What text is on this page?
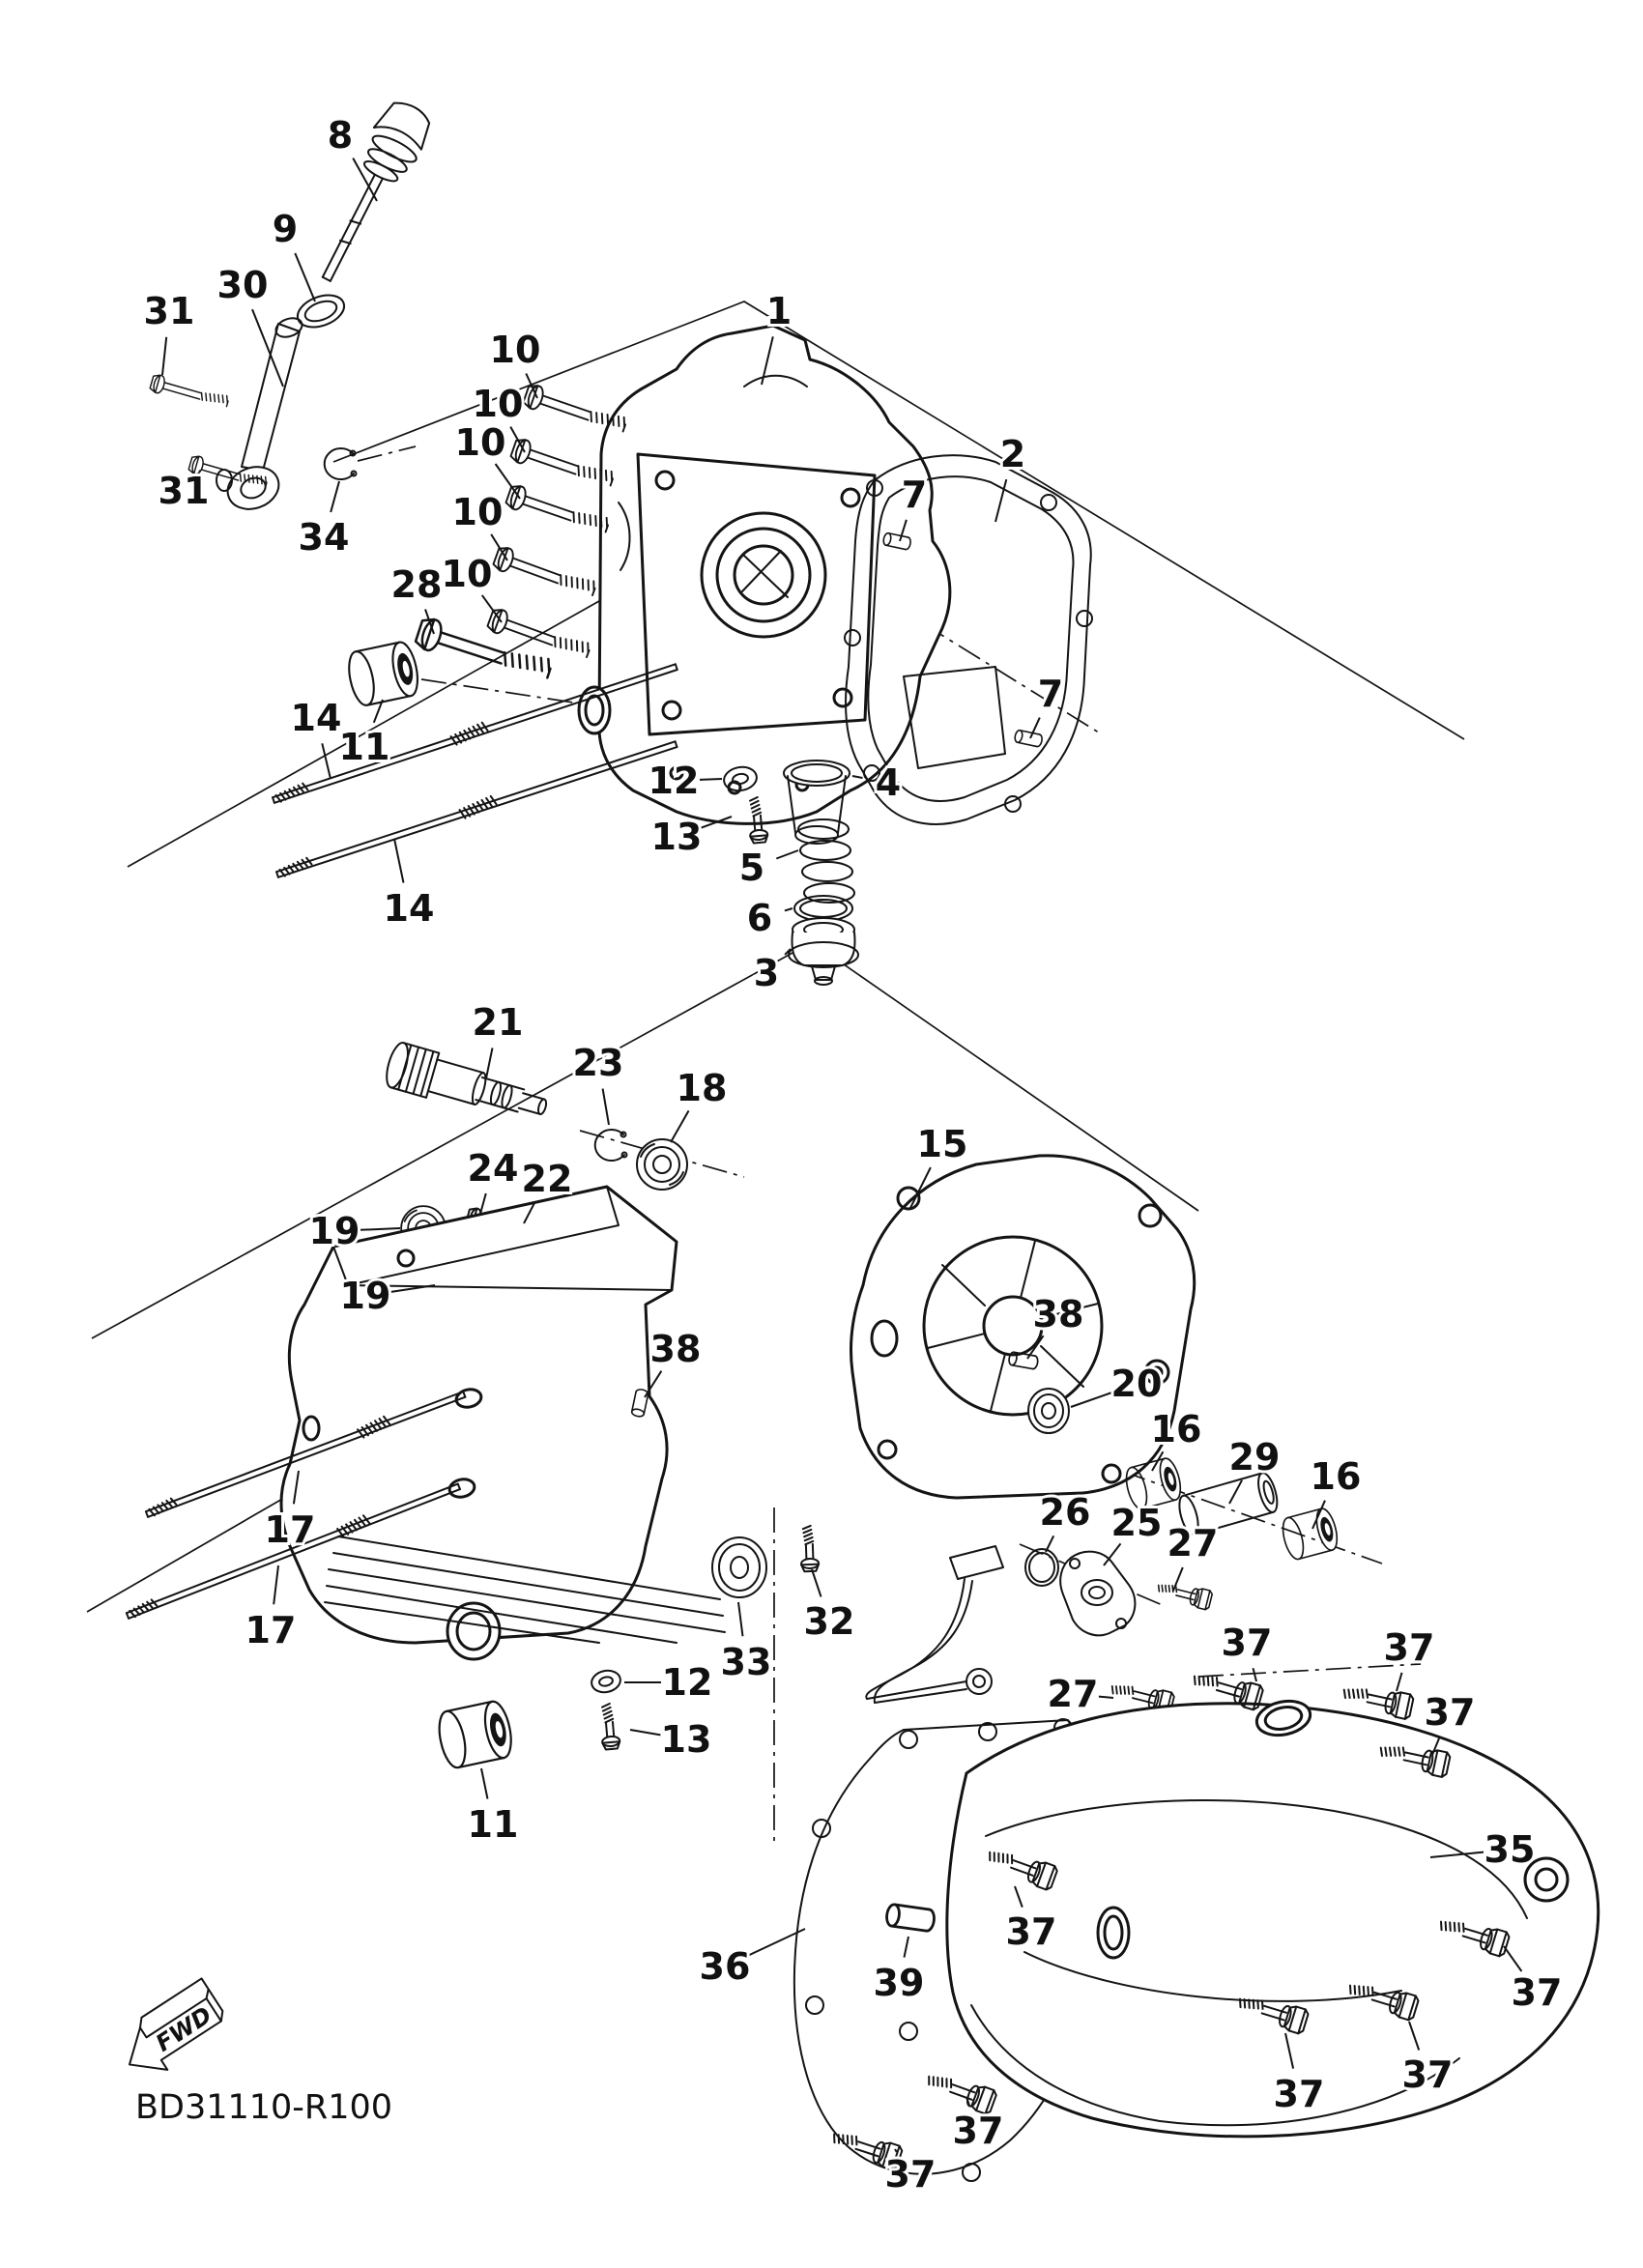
FWD
BD31110-R100
8
9
30
31
31
34
10
10
10
10
10
1
2
7
7
28
14
11
14
12
13
4
5
6
3
21
23
18
24 22
19
19
15
38
38
20
16
29 16
26 25 27
27
17
17	32
33
12
13
11
36	39
35
37	37
37
37
37
37
37
37
37
